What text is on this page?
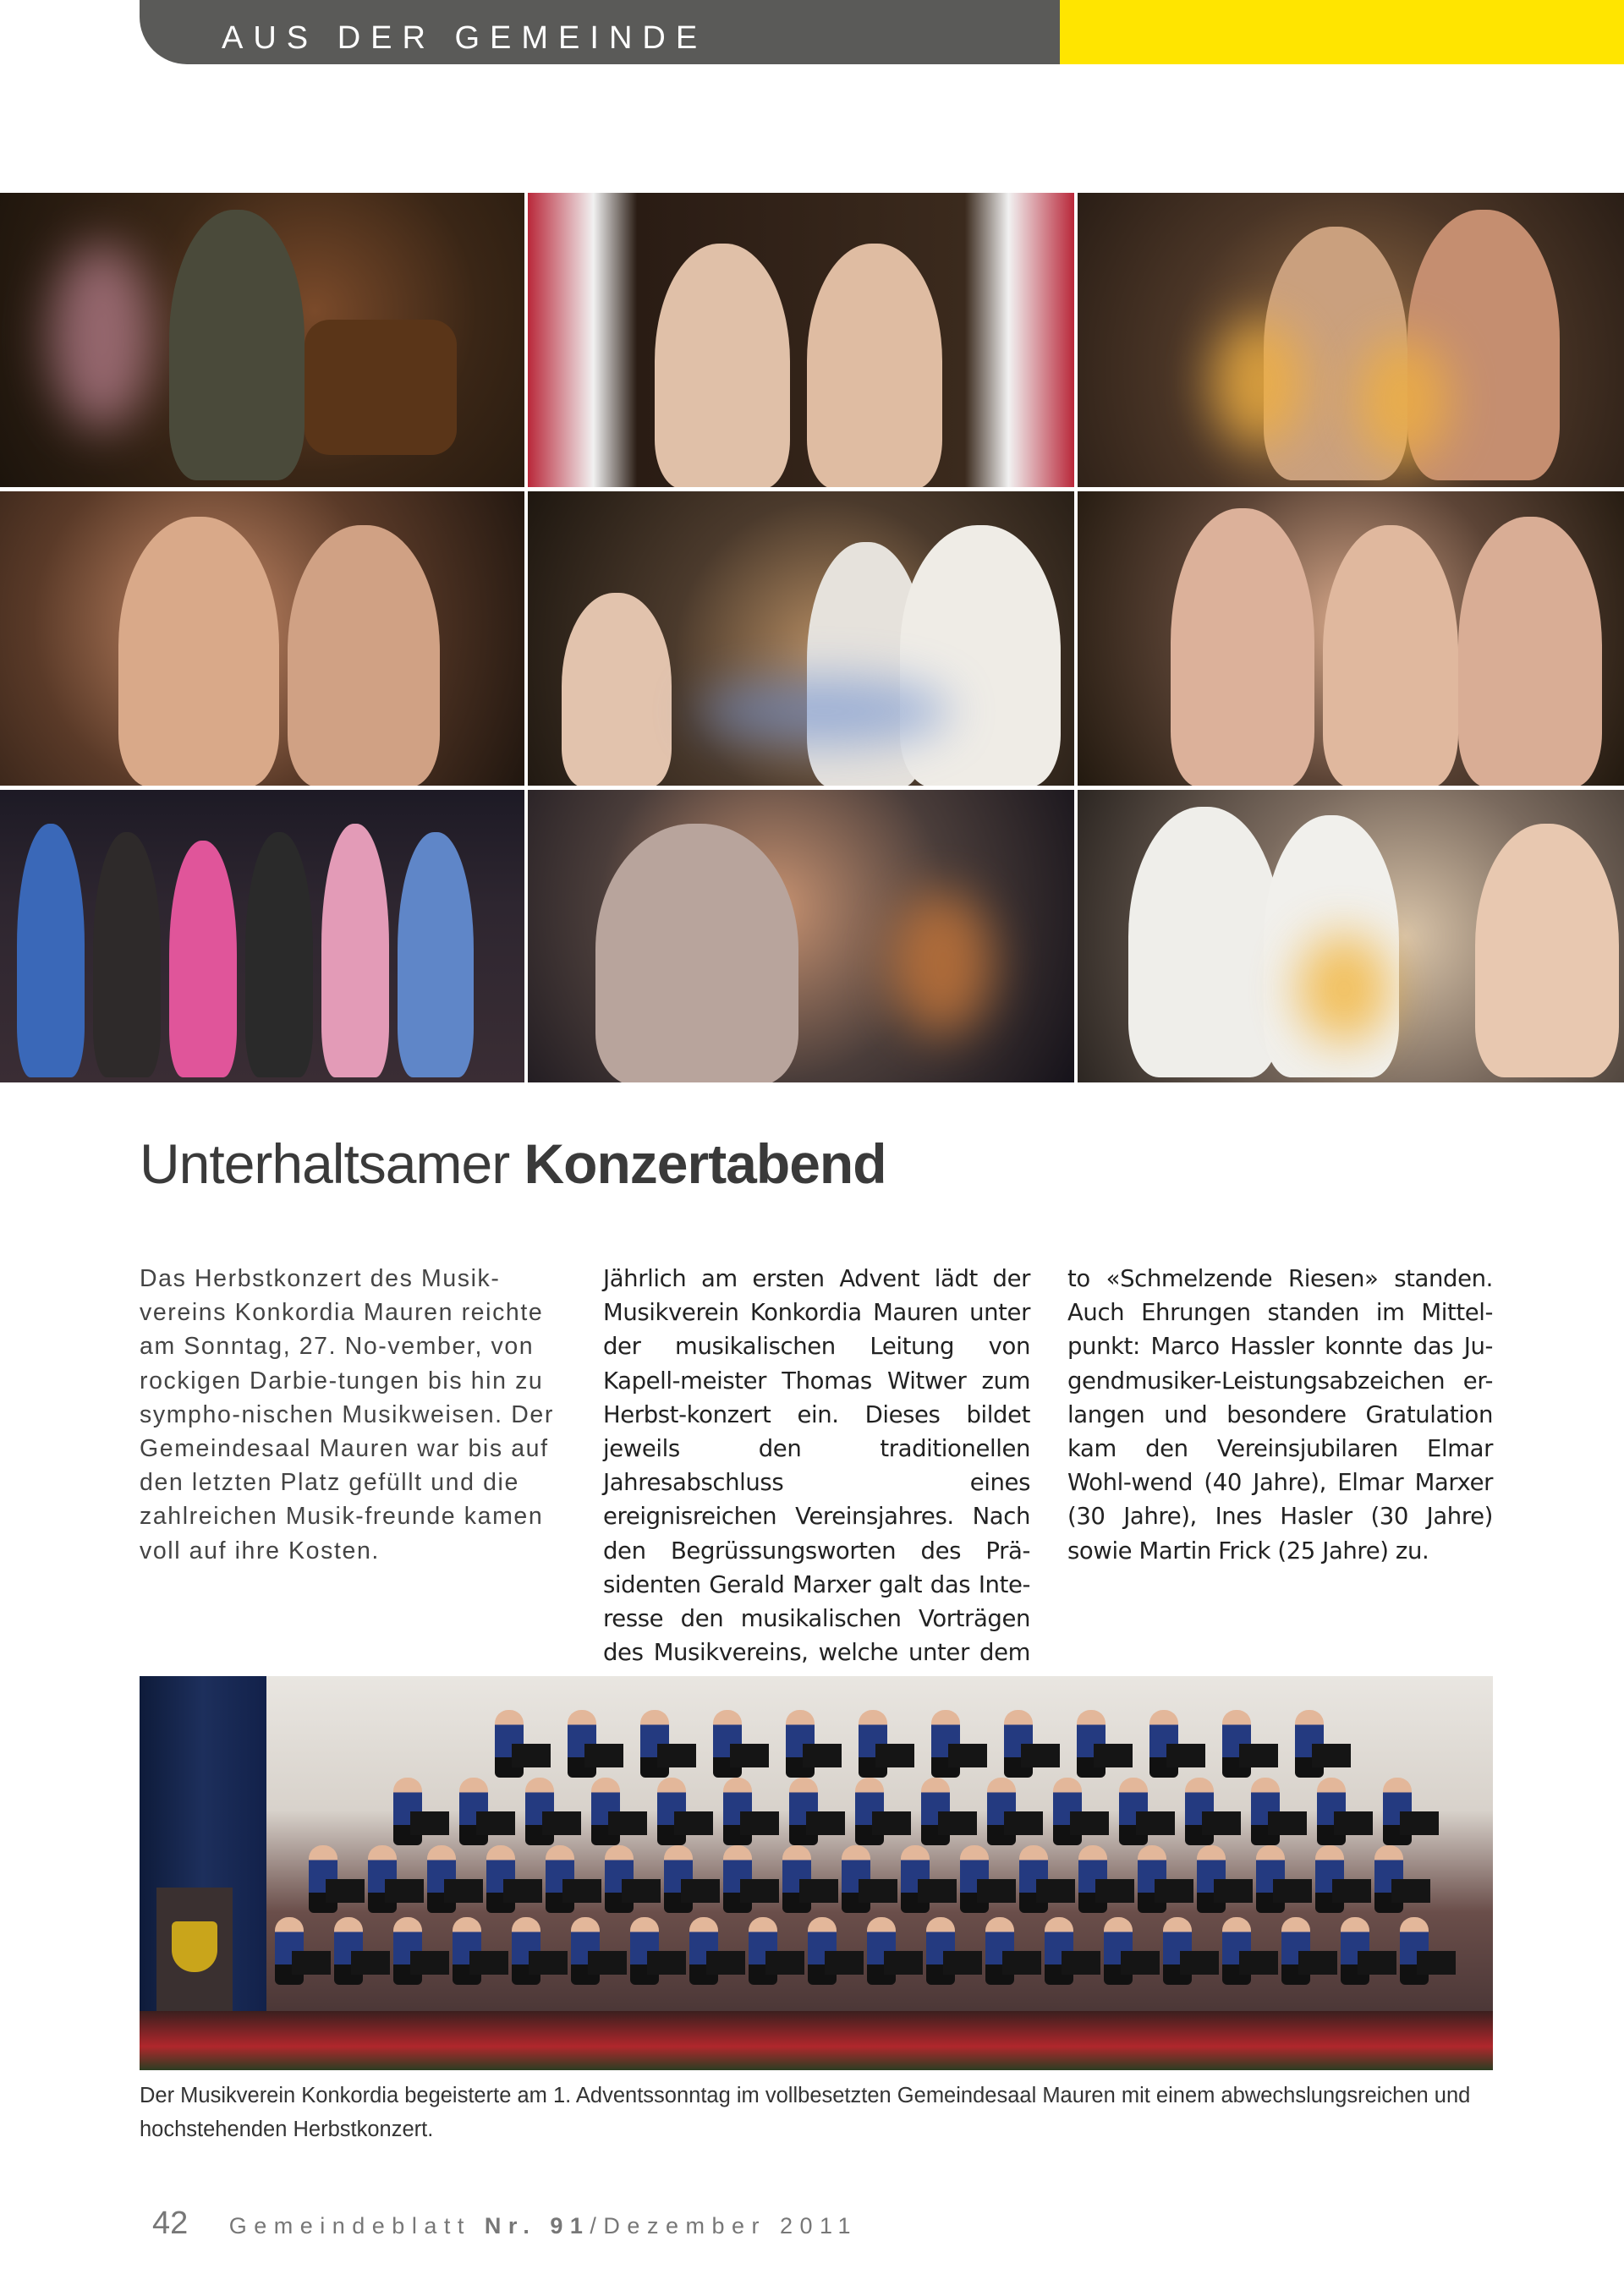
AUS DER GEMEINDE
Unterhaltsamer Konzertabend
Das Herbstkonzert des Musik-vereins Konkordia Mauren reichte am Sonntag, 27. No-vember, von rockigen Darbie-tungen bis hin zu sympho-nischen Musikweisen. Der Gemeindesaal Mauren war bis auf den letzten Platz gefüllt und die zahlreichen Musik-freunde kamen voll auf ihre Kosten.
Jährlich am ersten Advent lädt der Musikverein Konkordia Mauren unter der musikalischen Leitung von Kapell-meister Thomas Witwer zum Herbst-konzert ein. Dieses bildet jeweils den traditionellen Jahresabschluss eines ereignisreichen Vereinsjahres. Nach den Begrüssungsworten des Prä-sidenten Gerald Marxer galt das Inte-resse den musikalischen Vorträgen des Musikvereins, welche unter dem
to «Schmelzende Riesen» standen. Auch Ehrungen standen im Mittel-punkt: Marco Hassler konnte das Ju-gendmusiker-Leistungsabzeichen er-langen und besondere Gratulation kam den Vereinsjubilaren Elmar Wohl-wend (40 Jahre), Elmar Marxer (30 Jahre), Ines Hasler (30 Jahre) sowie Martin Frick (25 Jahre) zu.
Der Musikverein Konkordia begeisterte am 1. Adventssonntag im vollbesetzten Gemeindesaal Mauren mit einem abwechslungsreichen und hochstehenden Herbstkonzert.
42 Gemeindeblatt Nr. 91/Dezember 2011
